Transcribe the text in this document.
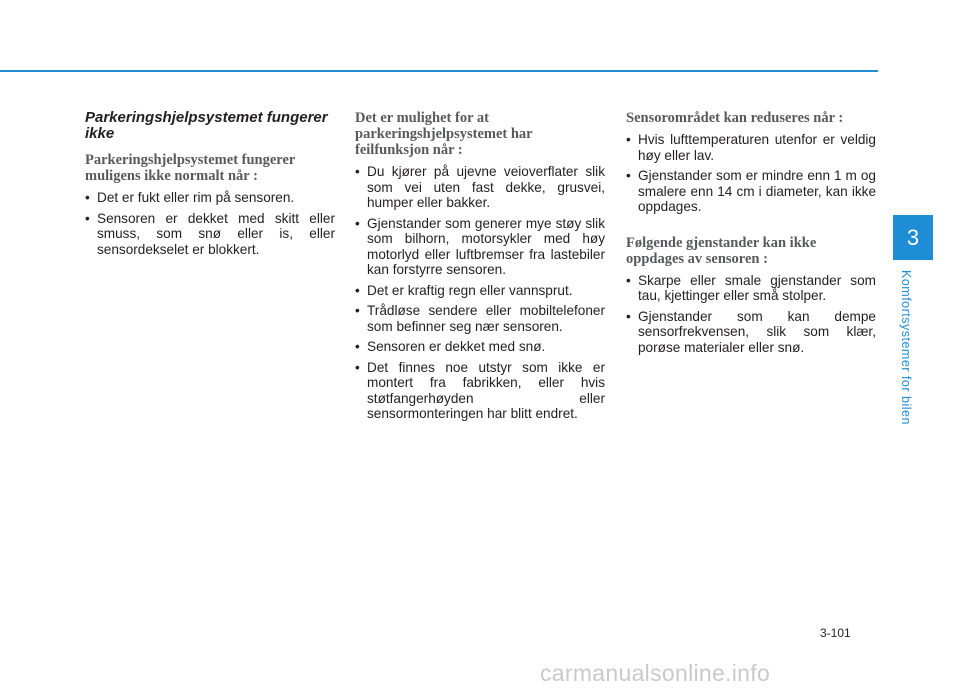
Parkeringshjelpsystemet fungerer ikke
Parkeringshjelpsystemet fungerer muligens ikke normalt når :
• Det er fukt eller rim på sensoren.
• Sensoren er dekket med skitt eller smuss, som snø eller is, eller sensordekselet er blokkert.
Det er mulighet for at parkeringshjelpsystemet har feilfunksjon når :
• Du kjører på ujevne veioverflater slik som vei uten fast dekke, grusvei, humper eller bakker.
• Gjenstander som generer mye støy slik som bilhorn, motorsykler med høy motorlyd eller luftbremser fra lastebiler kan forstyrre sensoren.
• Det er kraftig regn eller vannsprut.
• Trådløse sendere eller mobiltelefoner som befinner seg nær sensoren.
• Sensoren er dekket med snø.
• Det finnes noe utstyr som ikke er montert fra fabrikken, eller hvis støtfangerhøyden eller sensormonteringen har blitt endret.
Sensorområdet kan reduseres når :
• Hvis lufttemperaturen utenfor er veldig høy eller lav.
• Gjenstander som er mindre enn 1 m og smalere enn 14 cm i diameter, kan ikke oppdages.
Følgende gjenstander kan ikke oppdages av sensoren :
• Skarpe eller smale gjenstander som tau, kjettinger eller små stolper.
• Gjenstander som kan dempe sensorfrekvensen, slik som klær, porøse materialer eller snø.
3
Komfortsystemer for bilen
3-101
carmanualsonline.info
